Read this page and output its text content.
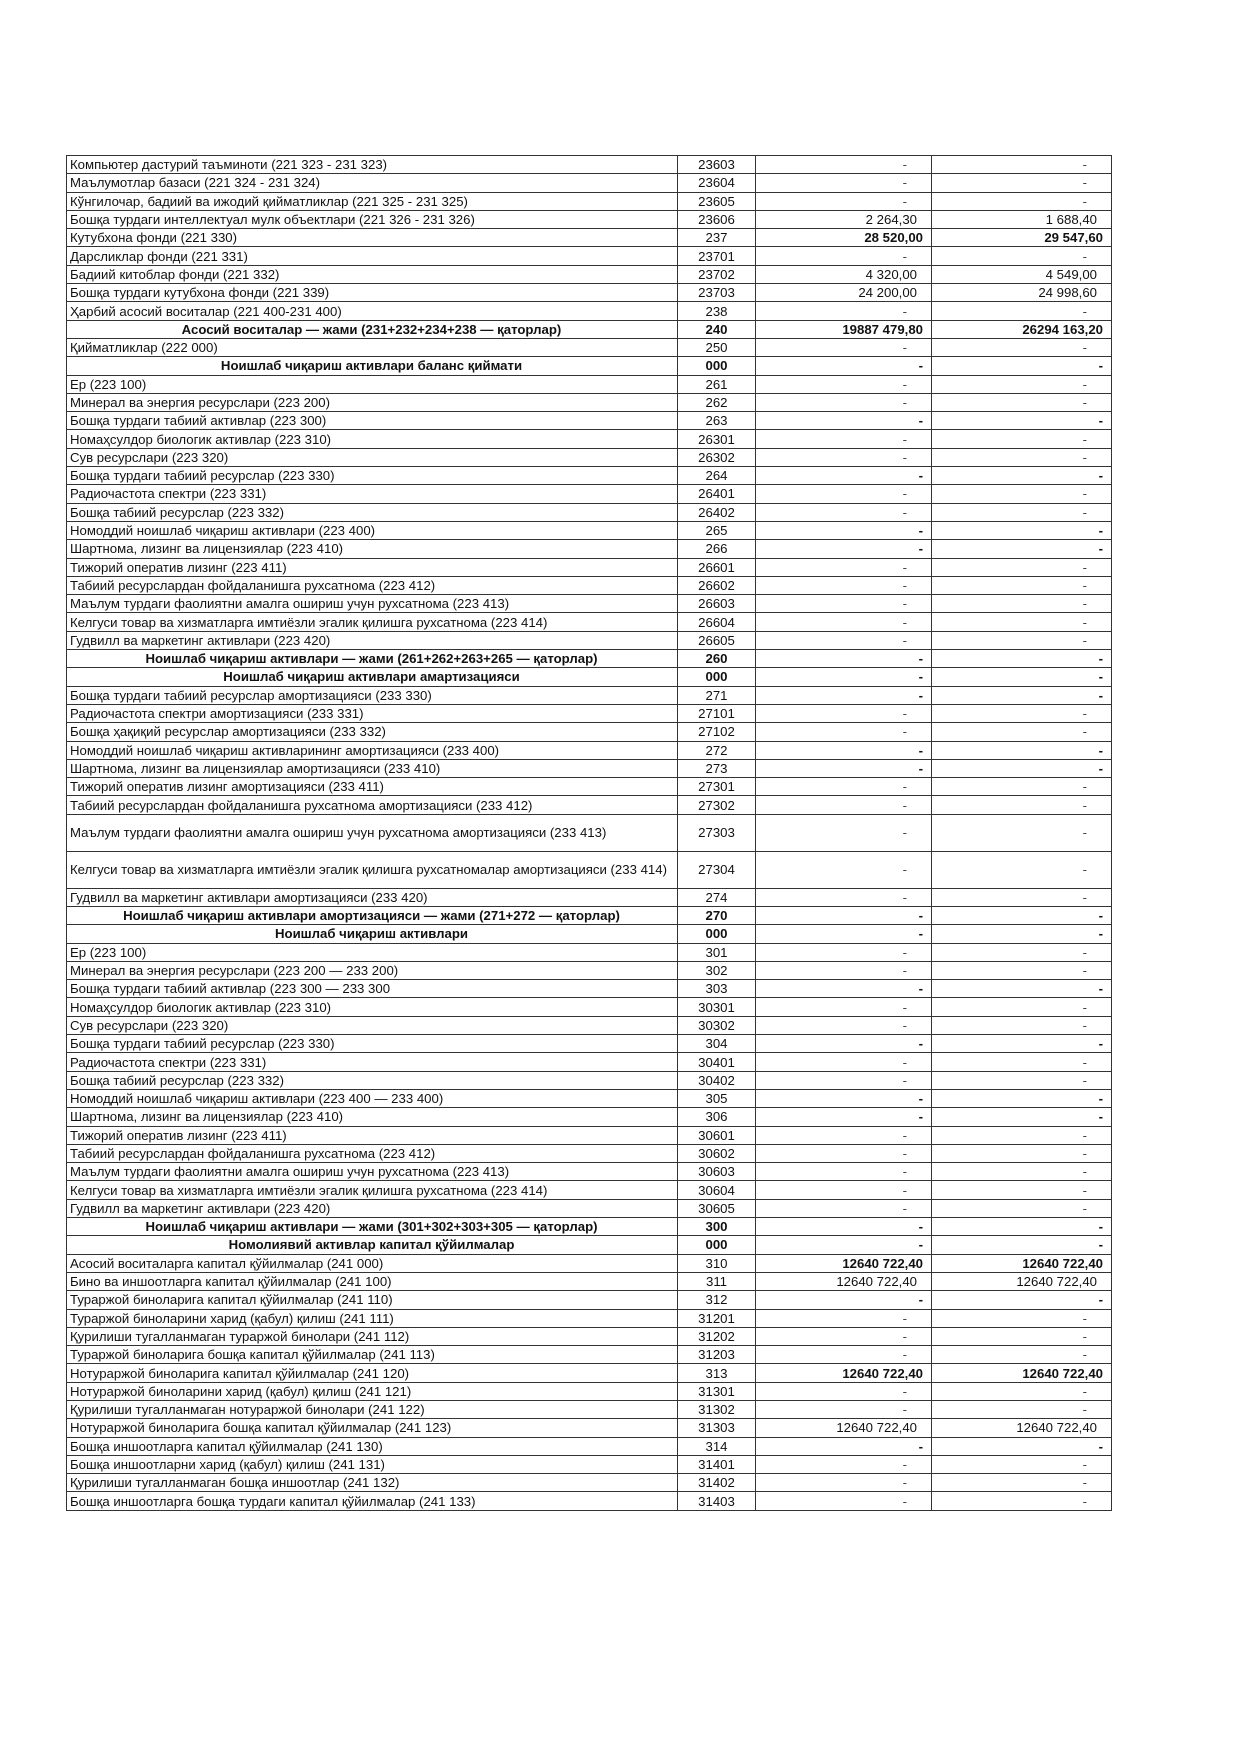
Компьютер дастурий таъминоти (221 323 - 231 323)	23603	-	-
Маълумотлар базаси (221 324 - 231 324)	23604	-	-
Кўнгилочар, бадиий ва ижодий қийматликлар (221 325 - 231 325)	23605	-	-
Бошқа турдаги интеллектуал мулк объектлари (221 326 - 231 326)	23606	2 264,30	1 688,40
Кутубхона фонди (221 330)	237	28 520,00	29 547,60
Дарсликлар фонди (221 331)	23701	-	-
Бадиий китоблар фонди (221 332)	23702	4 320,00	4 549,00
Бошқа турдаги кутубхона фонди (221 339)	23703	24 200,00	24 998,60
Ҳарбий асосий воситалар (221 400-231 400)	238	-	-
Асосий воситалар — жами (231+232+234+238 — қаторлар)	240	19887 479,80	26294 163,20
Қийматликлар (222 000)	250	-	-
Ноишлаб чиқариш активлари баланс қиймати	000	-	-
Ер (223 100)	261	-	-
Минерал ва энергия ресурслари (223 200)	262	-	-
Бошқа турдаги табиий активлар (223 300)	263	-	-
Номаҳсулдор биологик активлар (223 310)	26301	-	-
Сув ресурслари (223 320)	26302	-	-
Бошқа турдаги табиий ресурслар (223 330)	264	-	-
Радиочастота спектри (223 331)	26401	-	-
Бошқа табиий ресурслар (223 332)	26402	-	-
Номоддий ноишлаб чиқариш активлари (223 400)	265	-	-
Шартнома, лизинг ва лицензиялар (223 410)	266	-	-
Тижорий оператив лизинг (223 411)	26601	-	-
Табиий ресурслардан фойдаланишга рухсатнома (223 412)	26602	-	-
Маълум турдаги фаолиятни амалга ошириш учун рухсатнома (223 413)	26603	-	-
Келгуси товар ва хизматларга имтиёзли эгалик қилишга рухсатнома (223 414)	26604	-	-
Гудвилл ва маркетинг активлари (223 420)	26605	-	-
Ноишлаб чиқариш активлари — жами (261+262+263+265 — қаторлар)	260	-	-
Ноишлаб чиқариш активлари амартизацияси	000	-	-
Бошқа турдаги табиий ресурслар амортизацияси (233 330)	271	-	-
Радиочастота спектри амортизацияси (233 331)	27101	-	-
Бошқа ҳақиқий ресурслар амортизацияси (233 332)	27102	-	-
Номоддий ноишлаб чиқариш активларининг амортизацияси (233 400)	272	-	-
Шартнома, лизинг ва лицензиялар амортизацияси (233 410)	273	-	-
Тижорий оператив лизинг амортизацияси (233 411)	27301	-	-
Табиий ресурслардан фойдаланишга рухсатнома амортизацияси (233 412)	27302	-	-
Маълум турдаги фаолиятни амалга ошириш учун рухсатнома амортизацияси (233 413)	27303	-	-
Келгуси товар ва хизматларга имтиёзли эгалик қилишга рухсатномалар амортизацияси (233 414)	27304	-	-
Гудвилл ва маркетинг активлари амортизацияси (233 420)	274	-	-
Ноишлаб чиқариш активлари амортизацияси — жами (271+272 — қаторлар)	270	-	-
Ноишлаб чиқариш активлари	000	-	-
Ер (223 100)	301	-	-
Минерал ва энергия ресурслари (223 200 — 233 200)	302	-	-
Бошқа турдаги табиий активлар (223 300 — 233 300	303	-	-
Номаҳсулдор биологик активлар (223 310)	30301	-	-
Сув ресурслари (223 320)	30302	-	-
Бошқа турдаги табиий ресурслар (223 330)	304	-	-
Радиочастота спектри (223 331)	30401	-	-
Бошқа табиий ресурслар (223 332)	30402	-	-
Номоддий ноишлаб чиқариш активлари (223 400 — 233 400)	305	-	-
Шартнома, лизинг ва лицензиялар (223 410)	306	-	-
Тижорий оператив лизинг (223 411)	30601	-	-
Табиий ресурслардан фойдаланишга рухсатнома (223 412)	30602	-	-
Маълум турдаги фаолиятни амалга ошириш учун рухсатнома (223 413)	30603	-	-
Келгуси товар ва хизматларга имтиёзли эгалик қилишга рухсатнома (223 414)	30604	-	-
Гудвилл ва маркетинг активлари (223 420)	30605	-	-
Ноишлаб чиқариш активлари — жами (301+302+303+305 — қаторлар)	300	-	-
Номолиявий активлар капитал қўйилмалар	000	-	-
Асосий воситаларга капитал қўйилмалар (241 000)	310	12640 722,40	12640 722,40
Бино ва иншоотларга капитал қўйилмалар (241 100)	311	12640 722,40	12640 722,40
Тураржой биноларига капитал қўйилмалар (241 110)	312	-	-
Тураржой биноларини харид (қабул) қилиш (241 111)	31201	-	-
Қурилиши тугалланмаган тураржой бинолари (241 112)	31202	-	-
Тураржой биноларига бошқа капитал қўйилмалар (241 113)	31203	-	-
Нотураржой биноларига капитал қўйилмалар (241 120)	313	12640 722,40	12640 722,40
Нотураржой биноларини харид (қабул) қилиш (241 121)	31301	-	-
Қурилиши тугалланмаган нотураржой бинолари (241 122)	31302	-	-
Нотураржой биноларига бошқа капитал қўйилмалар (241 123)	31303	12640 722,40	12640 722,40
Бошқа иншоотларга капитал қўйилмалар (241 130)	314	-	-
Бошқа иншоотларни харид (қабул) қилиш (241 131)	31401	-	-
Қурилиши тугалланмаган бошқа иншоотлар (241 132)	31402	-	-
Бошқа иншоотларга бошқа турдаги капитал қўйилмалар (241 133)	31403	-	-
